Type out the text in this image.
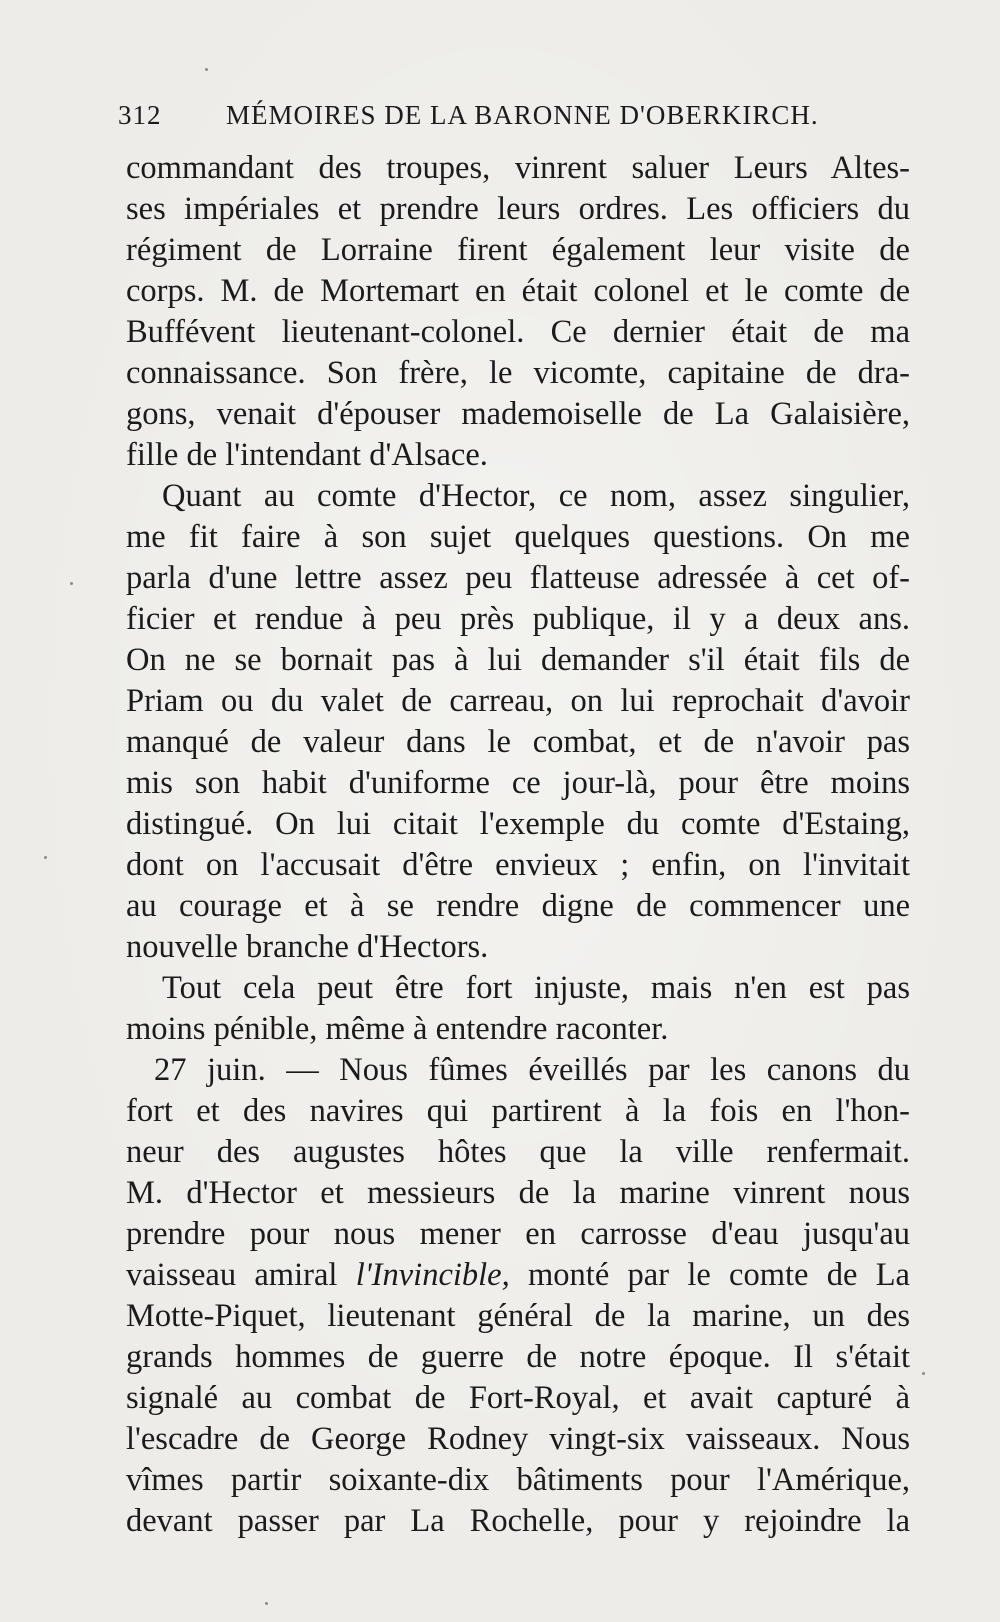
312 MÉMOIRES DE LA BARONNE D'OBERKIRCH.
commandant des troupes, vinrent saluer Leurs Altes-
ses impériales et prendre leurs ordres. Les officiers du
régiment de Lorraine firent également leur visite de
corps. M. de Mortemart en était colonel et le comte de
Buffévent lieutenant-colonel. Ce dernier était de ma
connaissance. Son frère, le vicomte, capitaine de dra-
gons, venait d'épouser mademoiselle de La Galaisière,
fille de l'intendant d'Alsace.
Quant au comte d'Hector, ce nom, assez singulier,
me fit faire à son sujet quelques questions. On me
parla d'une lettre assez peu flatteuse adressée à cet of-
ficier et rendue à peu près publique, il y a deux ans.
On ne se bornait pas à lui demander s'il était fils de
Priam ou du valet de carreau, on lui reprochait d'avoir
manqué de valeur dans le combat, et de n'avoir pas
mis son habit d'uniforme ce jour-là, pour être moins
distingué. On lui citait l'exemple du comte d'Estaing,
dont on l'accusait d'être envieux ; enfin, on l'invitait
au courage et à se rendre digne de commencer une
nouvelle branche d'Hectors.
Tout cela peut être fort injuste, mais n'en est pas
moins pénible, même à entendre raconter.
27 juin. — Nous fûmes éveillés par les canons du
fort et des navires qui partirent à la fois en l'hon-
neur des augustes hôtes que la ville renfermait.
M. d'Hector et messieurs de la marine vinrent nous
prendre pour nous mener en carrosse d'eau jusqu'au
vaisseau amiral l'Invincible, monté par le comte de La
Motte-Piquet, lieutenant général de la marine, un des
grands hommes de guerre de notre époque. Il s'était
signalé au combat de Fort-Royal, et avait capturé à
l'escadre de George Rodney vingt-six vaisseaux. Nous
vîmes partir soixante-dix bâtiments pour l'Amérique,
devant passer par La Rochelle, pour y rejoindre la
